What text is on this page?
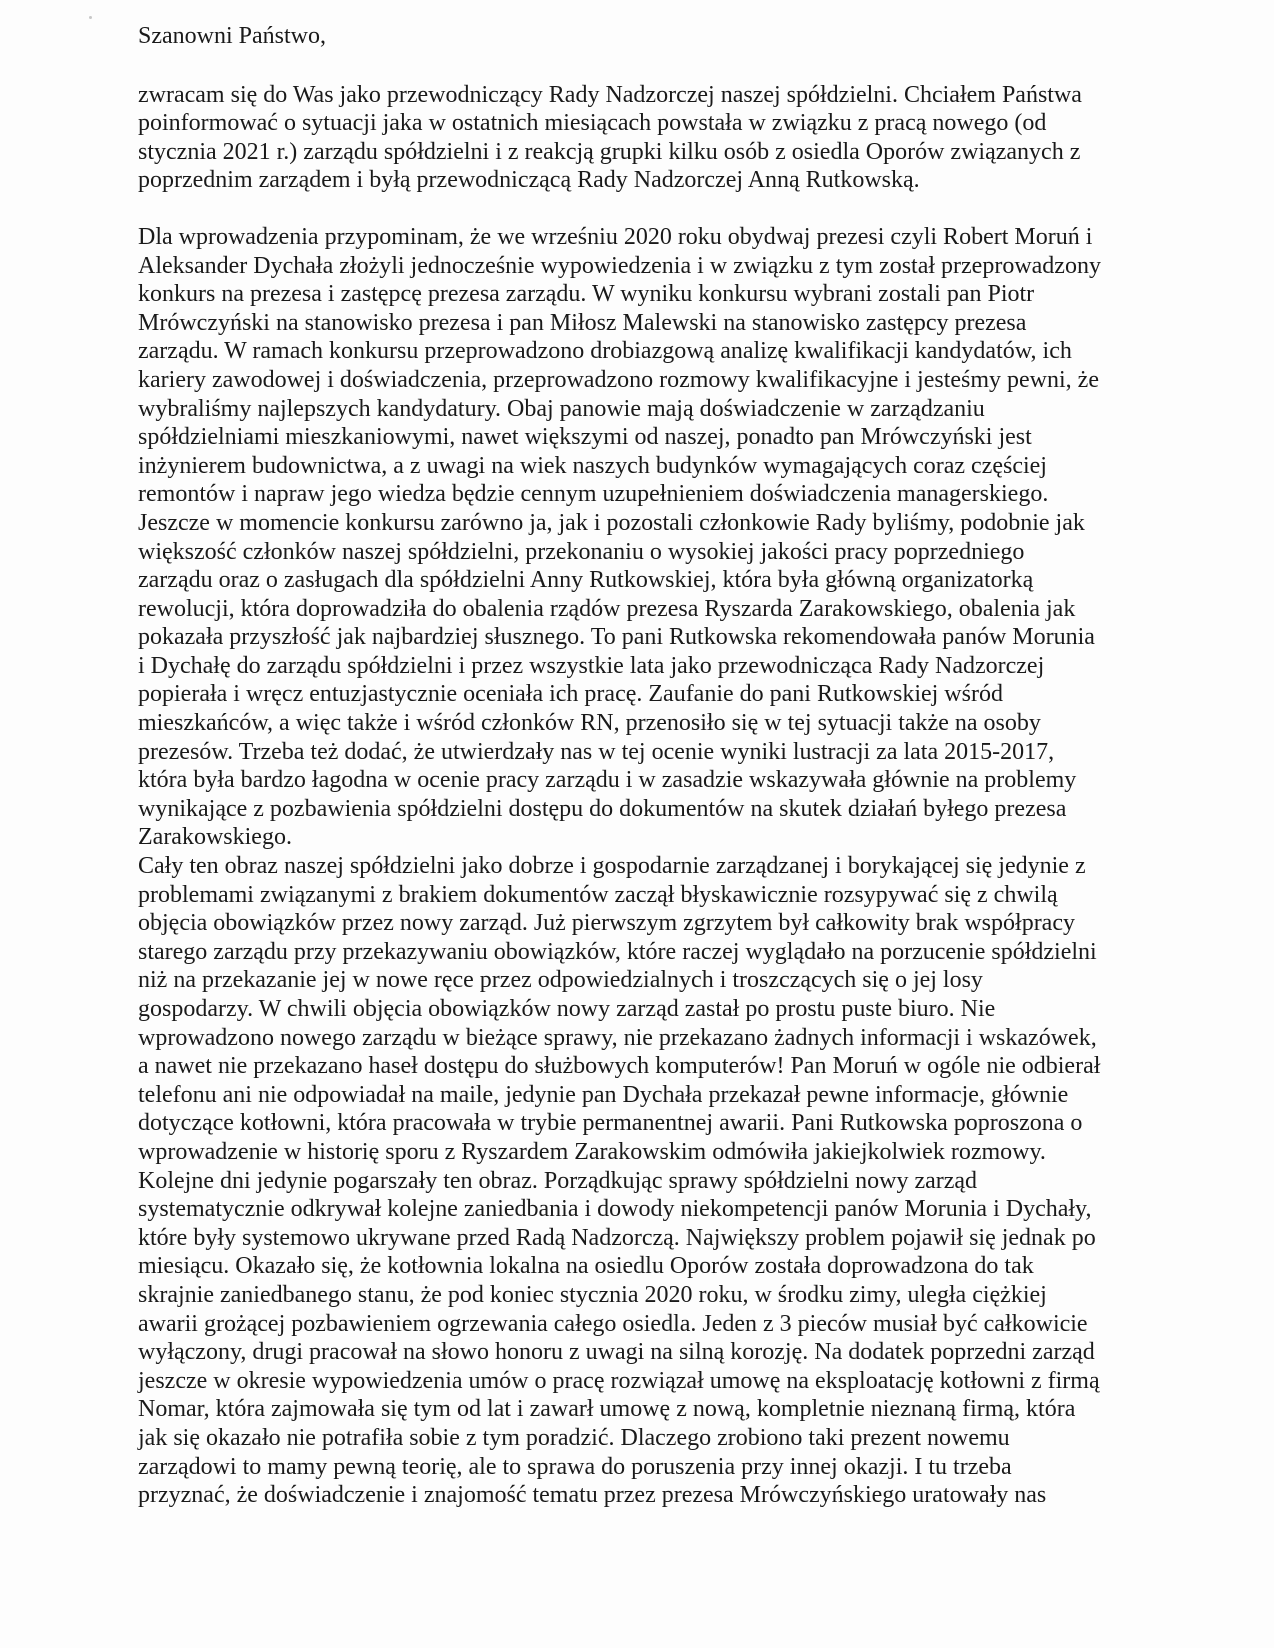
Szanowni Państwo,

zwracam się do Was jako przewodniczący Rady Nadzorczej naszej spółdzielni. Chciałem Państwa
poinformować o sytuacji jaka w ostatnich miesiącach powstała w związku z pracą nowego (od
stycznia 2021 r.) zarządu spółdzielni i z reakcją grupki kilku osób z osiedla Oporów związanych z
poprzednim zarządem i byłą przewodniczącą Rady Nadzorczej Anną Rutkowską.

Dla wprowadzenia przypominam, że we wrześniu 2020 roku obydwaj prezesi czyli Robert Moruń i
Aleksander Dychała złożyli jednocześnie wypowiedzenia i w związku z tym został przeprowadzony
konkurs na prezesa i zastępcę prezesa zarządu. W wyniku konkursu wybrani zostali pan Piotr
Mrówczyński na stanowisko prezesa i pan Miłosz Malewski na stanowisko zastępcy prezesa
zarządu. W ramach konkursu przeprowadzono drobiazgową analizę kwalifikacji kandydatów, ich
kariery zawodowej i doświadczenia, przeprowadzono rozmowy kwalifikacyjne i jesteśmy pewni, że
wybraliśmy najlepszych kandydatury. Obaj panowie mają doświadczenie w zarządzaniu
spółdzielniami mieszkaniowymi, nawet większymi od naszej, ponadto pan Mrówczyński jest
inżynierem budownictwa, a z uwagi na wiek naszych budynków wymagających coraz częściej
remontów i napraw jego wiedza będzie cennym uzupełnieniem doświadczenia managerskiego.
Jeszcze w momencie konkursu zarówno ja, jak i pozostali członkowie Rady byliśmy, podobnie jak
większość członków naszej spółdzielni, przekonaniu o wysokiej jakości pracy poprzedniego
zarządu oraz o zasługach dla spółdzielni Anny Rutkowskiej, która była główną organizatorką
rewolucji, która doprowadziła do obalenia rządów prezesa Ryszarda Zarakowskiego, obalenia jak
pokazała przyszłość jak najbardziej słusznego. To pani Rutkowska rekomendowała panów Morunia
i Dychałę do zarządu spółdzielni i przez wszystkie lata jako przewodnicząca Rady Nadzorczej
popierała i wręcz entuzjastycznie oceniała ich pracę. Zaufanie do pani Rutkowskiej wśród
mieszkańców, a więc także i wśród członków RN, przenosiło się w tej sytuacji także na osoby
prezesów. Trzeba też dodać, że utwierdzały nas w tej ocenie wyniki lustracji za lata 2015-2017,
która była bardzo łagodna w ocenie pracy zarządu i w zasadzie wskazywała głównie na problemy
wynikające z pozbawienia spółdzielni dostępu do dokumentów na skutek działań byłego prezesa
Zarakowskiego.

Cały ten obraz naszej spółdzielni jako dobrze i gospodarnie zarządzanej i borykającej się jedynie z
problemami związanymi z brakiem dokumentów zaczął błyskawicznie rozsypywać się z chwilą
objęcia obowiązków przez nowy zarząd. Już pierwszym zgrzytem był całkowity brak współpracy
starego zarządu przy przekazywaniu obowiązków, które raczej wyglądało na porzucenie spółdzielni
niż na przekazanie jej w nowe ręce przez odpowiedzialnych i troszczących się o jej losy
gospodarzy. W chwili objęcia obowiązków nowy zarząd zastał po prostu puste biuro. Nie
wprowadzono nowego zarządu w bieżące sprawy, nie przekazano żadnych informacji i wskazówek,
a nawet nie przekazano haseł dostępu do służbowych komputerów! Pan Moruń w ogóle nie odbierał
telefonu ani nie odpowiadał na maile, jedynie pan Dychała przekazał pewne informacje, głównie
dotyczące kotłowni, która pracowała w trybie permanentnej awarii. Pani Rutkowska poproszona o
wprowadzenie w historię sporu z Ryszardem Zarakowskim odmówiła jakiejkolwiek rozmowy.
Kolejne dni jedynie pogarszały ten obraz. Porządkując sprawy spółdzielni nowy zarząd
systematycznie odkrywał kolejne zaniedbania i dowody niekompetencji panów Morunia i Dychały,
które były systemowo ukrywane przed Radą Nadzorczą. Największy problem pojawił się jednak po
miesiącu. Okazało się, że kotłownia lokalna na osiedlu Oporów została doprowadzona do tak
skrajnie zaniedbanego stanu, że pod koniec stycznia 2020 roku, w środku zimy, uległa ciężkiej
awarii grożącej pozbawieniem ogrzewania całego osiedla. Jeden z 3 pieców musiał być całkowicie
wyłączony, drugi pracował na słowo honoru z uwagi na silną korozję. Na dodatek poprzedni zarząd
jeszcze w okresie wypowiedzenia umów o pracę rozwiązał umowę na eksploatację kotłowni z firmą
Nomar, która zajmowała się tym od lat i zawarł umowę z nową, kompletnie nieznaną firmą, która
jak się okazało nie potrafiła sobie z tym poradzić. Dlaczego zrobiono taki prezent nowemu
zarządowi to mamy pewną teorię, ale to sprawa do poruszenia przy innej okazji. I tu trzeba
przyznać, że doświadczenie i znajomość tematu przez prezesa Mrówczyńskiego uratowały nas
